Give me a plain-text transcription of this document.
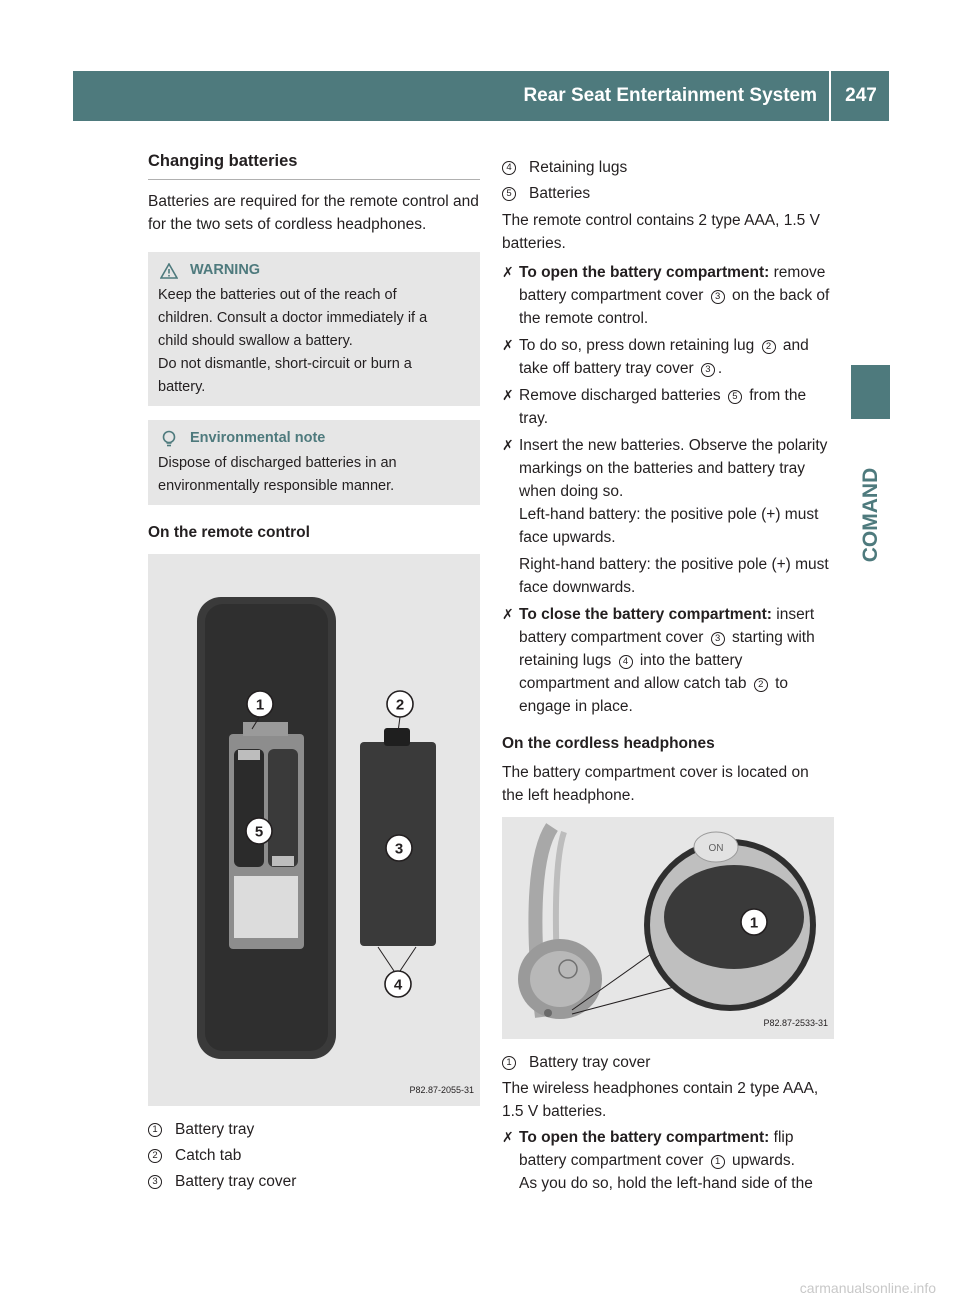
Rear Seat Entertainment System	247
COMAND
Changing batteries

Batteries are required for the remote control and for the two sets of cordless headphones.

WARNING
Keep the batteries out of the reach of
children. Consult a doctor immediately if a
child should swallow a battery.
Do not dismantle, short-circuit or burn a
battery.
Environmental note
Dispose of discharged batteries in an environmentally responsible manner.
On the remote control
1	2
3
4
5
P82.87-2055-31
1 Battery tray
2 Catch tab
3 Battery tray cover
4 Retaining lugs
5 Batteries

The remote control contains 2 type AAA, 1.5 V batteries.

✗ To open the battery compartment: remove battery compartment cover 3 on the back of the remote control.
✗ To do so, press down retaining lug 2 and take off battery tray cover 3 .
✗ Remove discharged batteries 5 from the tray.
✗ Insert the new batteries. Observe the polarity markings on the batteries and battery tray when doing so.
Left-hand battery: the positive pole (+) must face upwards.
Right-hand battery: the positive pole (+) must face downwards.
✗ To close the battery compartment: insert battery compartment cover 3 starting with retaining lugs 4 into the battery compartment and allow catch tab 2 to engage in place.
On the cordless headphones

The battery compartment cover is located on the left headphone.

ON
1
P82.87-2533-31
1 Battery tray cover

The wireless headphones contain 2 type AAA, 1.5 V batteries.

✗ To open the battery compartment: flip battery compartment cover 1 upwards.
As you do so, hold the left-hand side of the
carmanualsonline.info
